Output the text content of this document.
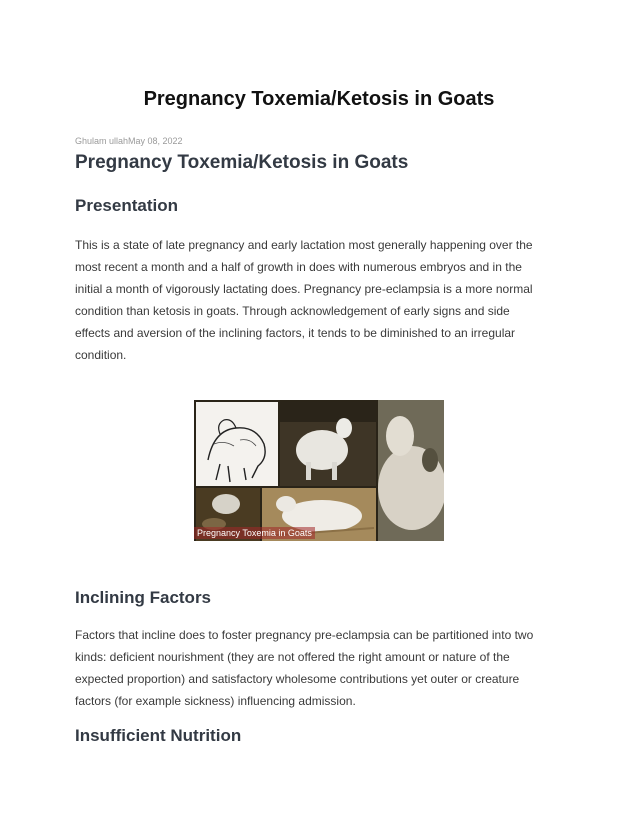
Pregnancy Toxemia/Ketosis in Goats
Ghulam ullahMay 08, 2022
Pregnancy Toxemia/Ketosis in Goats
Presentation
This is a state of late pregnancy and early lactation most generally happening over the
most recent a month and a half of growth in does with numerous embryos and in the
initial a month of vigorously lactating does. Pregnancy pre-eclampsia is a more normal
condition than ketosis in goats. Through acknowledgement of early signs and side
effects and aversion of the inclining factors, it tends to be diminished to an irregular
condition.
Pregnancy Toxemia in Goats
Inclining Factors
Factors that incline does to foster pregnancy pre-eclampsia can be partitioned into two
kinds: deficient nourishment (they are not offered the right amount or nature of the
expected proportion) and satisfactory wholesome contributions yet outer or creature
factors (for example sickness) influencing admission.
Insufficient Nutrition
